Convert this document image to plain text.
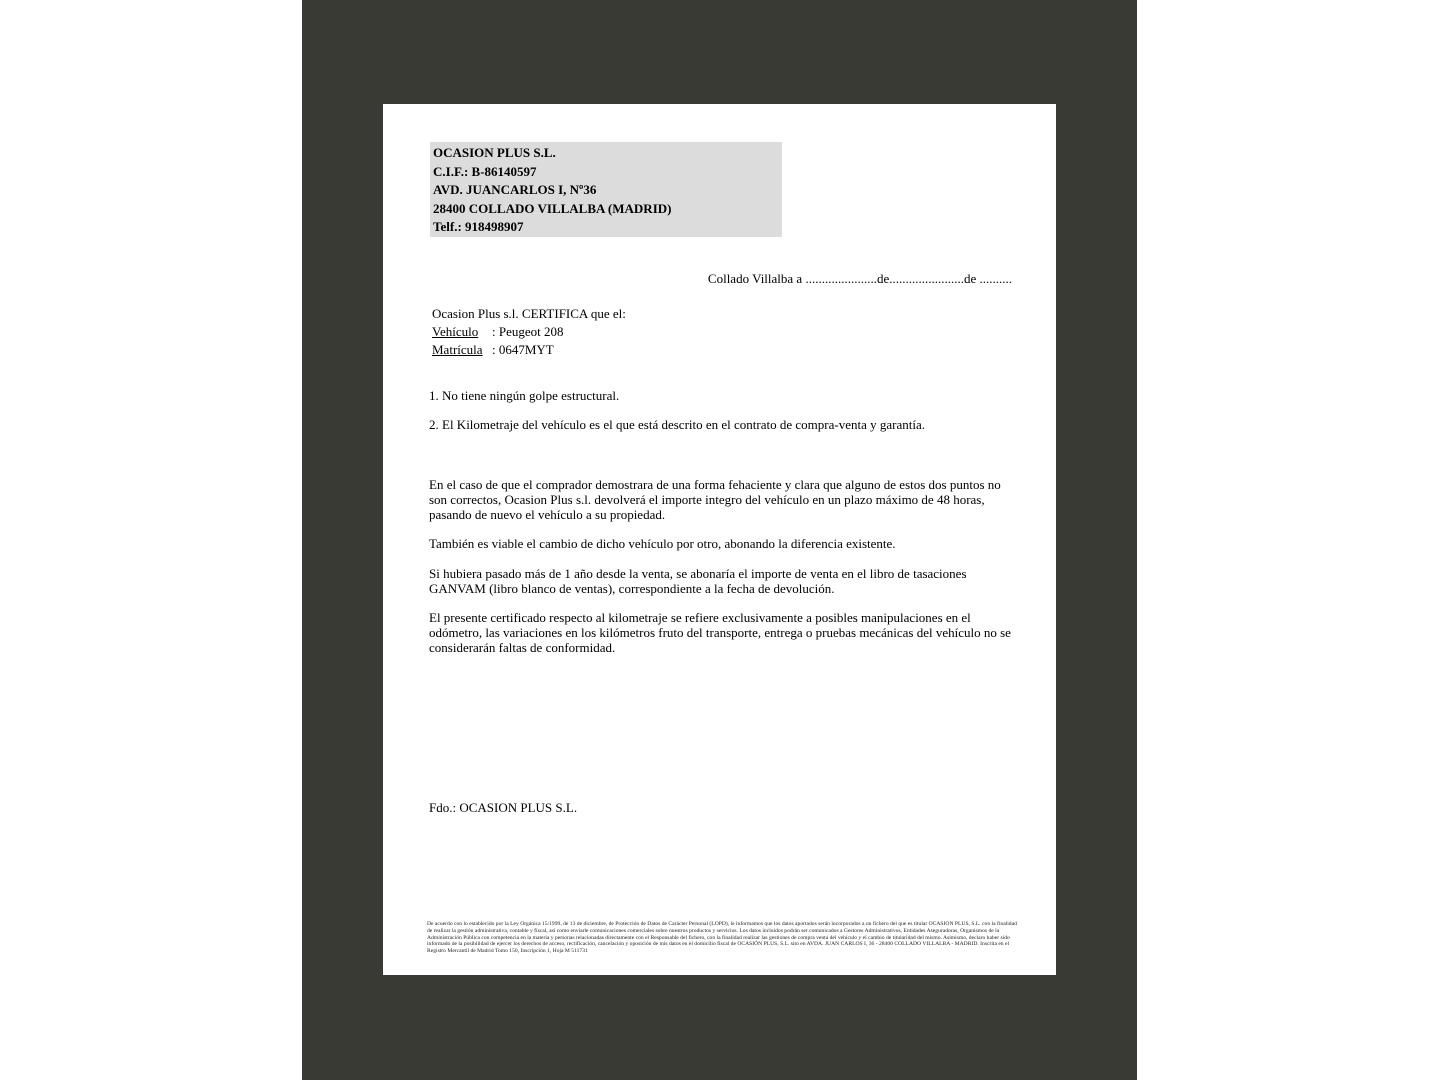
OCASION PLUS S.L.
C.I.F.: B-86140597
AVD. JUANCARLOS I, Nº36
28400 COLLADO VILLALBA (MADRID)
Telf.: 918498907
Collado Villalba a ......................de.......................de ..........
Ocasion Plus s.l. CERTIFICA que el:
Vehículo : Peugeot 208
Matrícula : 0647MYT
1. No tiene ningún golpe estructural.
2. El Kilometraje del vehículo es el que está descrito en el contrato de compra-venta y garantía.
En el caso de que el comprador demostrara de una forma fehaciente y clara que alguno de estos dos puntos no son correctos, Ocasion Plus s.l. devolverá el importe integro del vehículo en un plazo máximo de 48 horas, pasando de nuevo el vehículo a su propiedad.
También es viable el cambio de dicho vehículo por otro, abonando la diferencia existente.
Si hubiera pasado más de 1 año desde la venta, se abonaría el importe de venta en el libro de tasaciones GANVAM (libro blanco de ventas), correspondiente a la fecha de devolución.
El presente certificado respecto al kilometraje se refiere exclusivamente a posibles manipulaciones en el odómetro, las variaciones en los kilómetros fruto del transporte, entrega o pruebas mecánicas del vehículo no se considerarán faltas de conformidad.
Fdo.: OCASION PLUS S.L.
De acuerdo con lo establecido por la Ley Orgánica 15/1999, de 13 de diciembre, de Protección de Datos de Carácter Personal (LOPD), le informamos que los datos aportados serán incorporados a un fichero del que es titular OCASION PLUS, S.L. con la finalidad de realizar la gestión administrativa, contable y fiscal, así como enviarle comunicaciones comerciales sobre nuestros productos y servicios. Los datos incluidos podrán ser comunicados a Gestores Administrativos, Entidades Aseguradoras, Organismos de la Administración Pública con competencia en la materia y personas relacionadas directamente con el Responsable del fichero, con la finalidad realizar las gestiones de compra venta del vehículo y el cambio de titularidad del mismo. Asimismo, declaro haber sido informado de la posibilidad de ejercer los derechos de acceso, rectificación, cancelación y oposición de mis datos en el domicilio fiscal de OCASIÓN PLUS, S.L. sito en AVDA. JUAN CARLOS I, 36 - 28400 COLLADO VILLALBA - MADRID. Inscrita en el Registro Mercantil de Madrid Tomo 150, Inscripción 1, Hoja M 511731
